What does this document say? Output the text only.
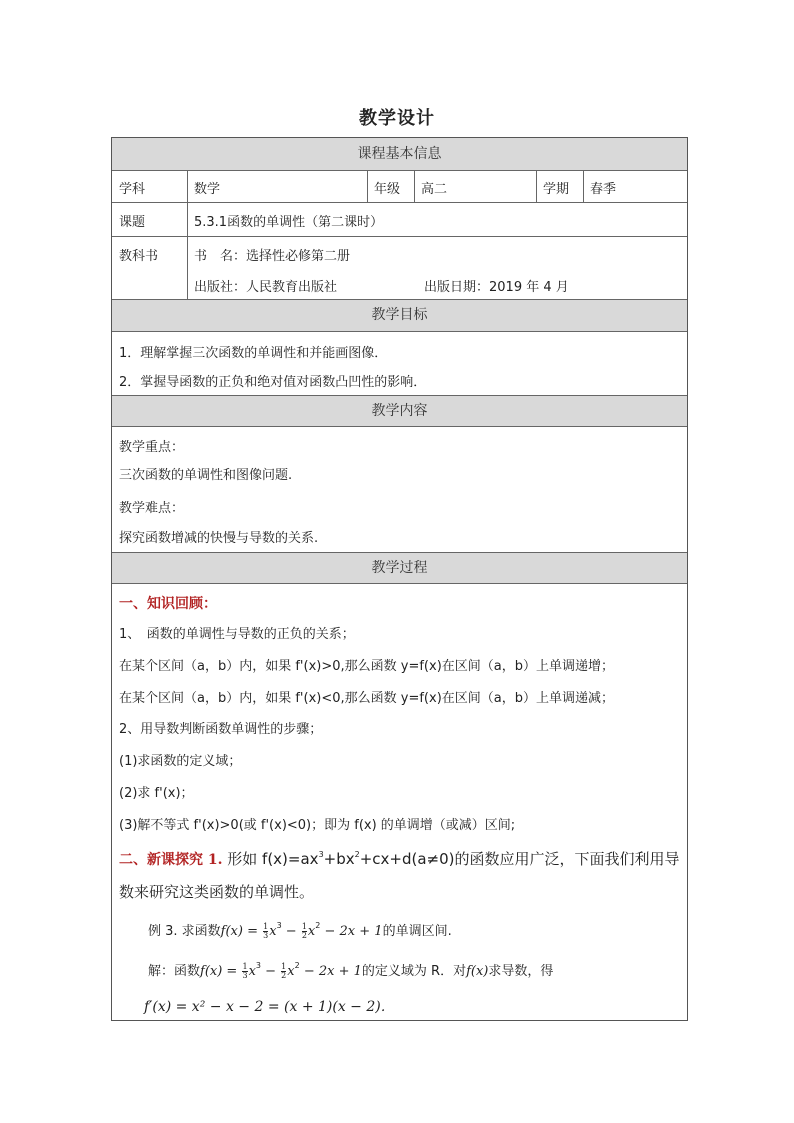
教学设计
课程基本信息
学科	数学	年级 高二	学期 春季
课题	5.3.1函数的单调性（第二课时）
教科书	书　名：选择性必修第二册
出版社：人民教育出版社	出版日期：2019 年 4 月
教学目标
1．理解掌握三次函数的单调性和并能画图像．
2．掌握导函数的正负和绝对值对函数凸凹性的影响．
教学内容
教学重点：
三次函数的单调性和图像问题.
教学难点：
探究函数增减的快慢与导数的关系.
教学过程
一、知识回顾：
1、　函数的单调性与导数的正负的关系；
在某个区间（a，b）内，如果 f'(x)>0,那么函数 y=f(x)在区间（a，b）上单调递增；
在某个区间（a，b）内，如果 f'(x)<0,那么函数 y=f(x)在区间（a，b）上单调递减；
2、用导数判断函数单调性的步骤；
(1)求函数的定义域；
(2)求 f'(x)；
(3)解不等式 f'(x)>0(或 f'(x)<0)；即为 f(x) 的单调增（或减）区间;
二、新课探究 1. 形如 $f(x)=ax^3+bx^2+cx+d(a\ne 0)$的函数应用广泛，下面我们利用导
数来研究这类函数的单调性。
例 3. 求函数$f(x) = \frac{1}{3} x^3 - \frac{1}{2} x^2 - 2x + 1$的单调区间.
解：函数$f(x) = \frac{1}{3} x^3 - \frac{1}{2} x^2 - 2x + 1$的定义域为 R．对f(x)求导数，得
f′(x) = x² − x − 2 = (x + 1)(x − 2)．
